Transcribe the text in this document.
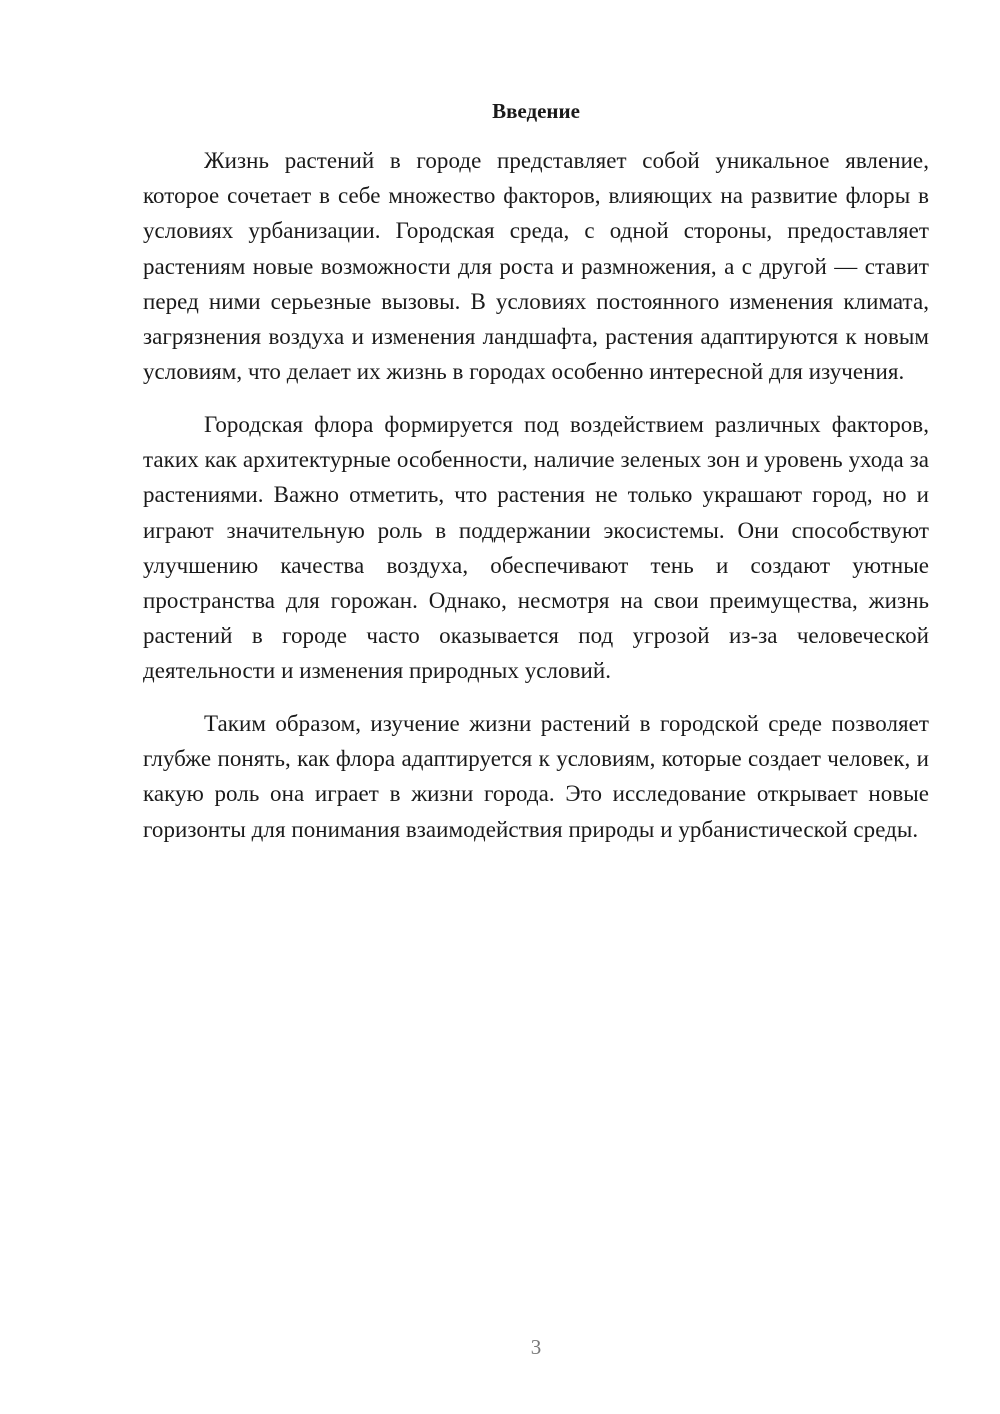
Введение

Жизнь растений в городе представляет собой уникальное явление, которое сочетает в себе множество факторов, влияющих на развитие флоры в условиях урбанизации. Городская среда, с одной стороны, предоставляет растениям новые возможности для роста и размножения, а с другой — ставит перед ними серьезные вызовы. В условиях постоянного изменения климата, загрязнения воздуха и изменения ландшафта, растения адаптируются к новым условиям, что делает их жизнь в городах особенно интересной для изучения.

Городская флора формируется под воздействием различных факторов, таких как архитектурные особенности, наличие зеленых зон и уровень ухода за растениями. Важно отметить, что растения не только украшают город, но и играют значительную роль в поддержании экосистемы. Они способствуют улучшению качества воздуха, обеспечивают тень и создают уютные пространства для горожан. Однако, несмотря на свои преимущества, жизнь растений в городе часто оказывается под угрозой из-за человеческой деятельности и изменения природных условий.

Таким образом, изучение жизни растений в городской среде позволяет глубже понять, как флора адаптируется к условиям, которые создает человек, и какую роль она играет в жизни города. Это исследование открывает новые горизонты для понимания взаимодействия природы и урбанистической среды.

3
